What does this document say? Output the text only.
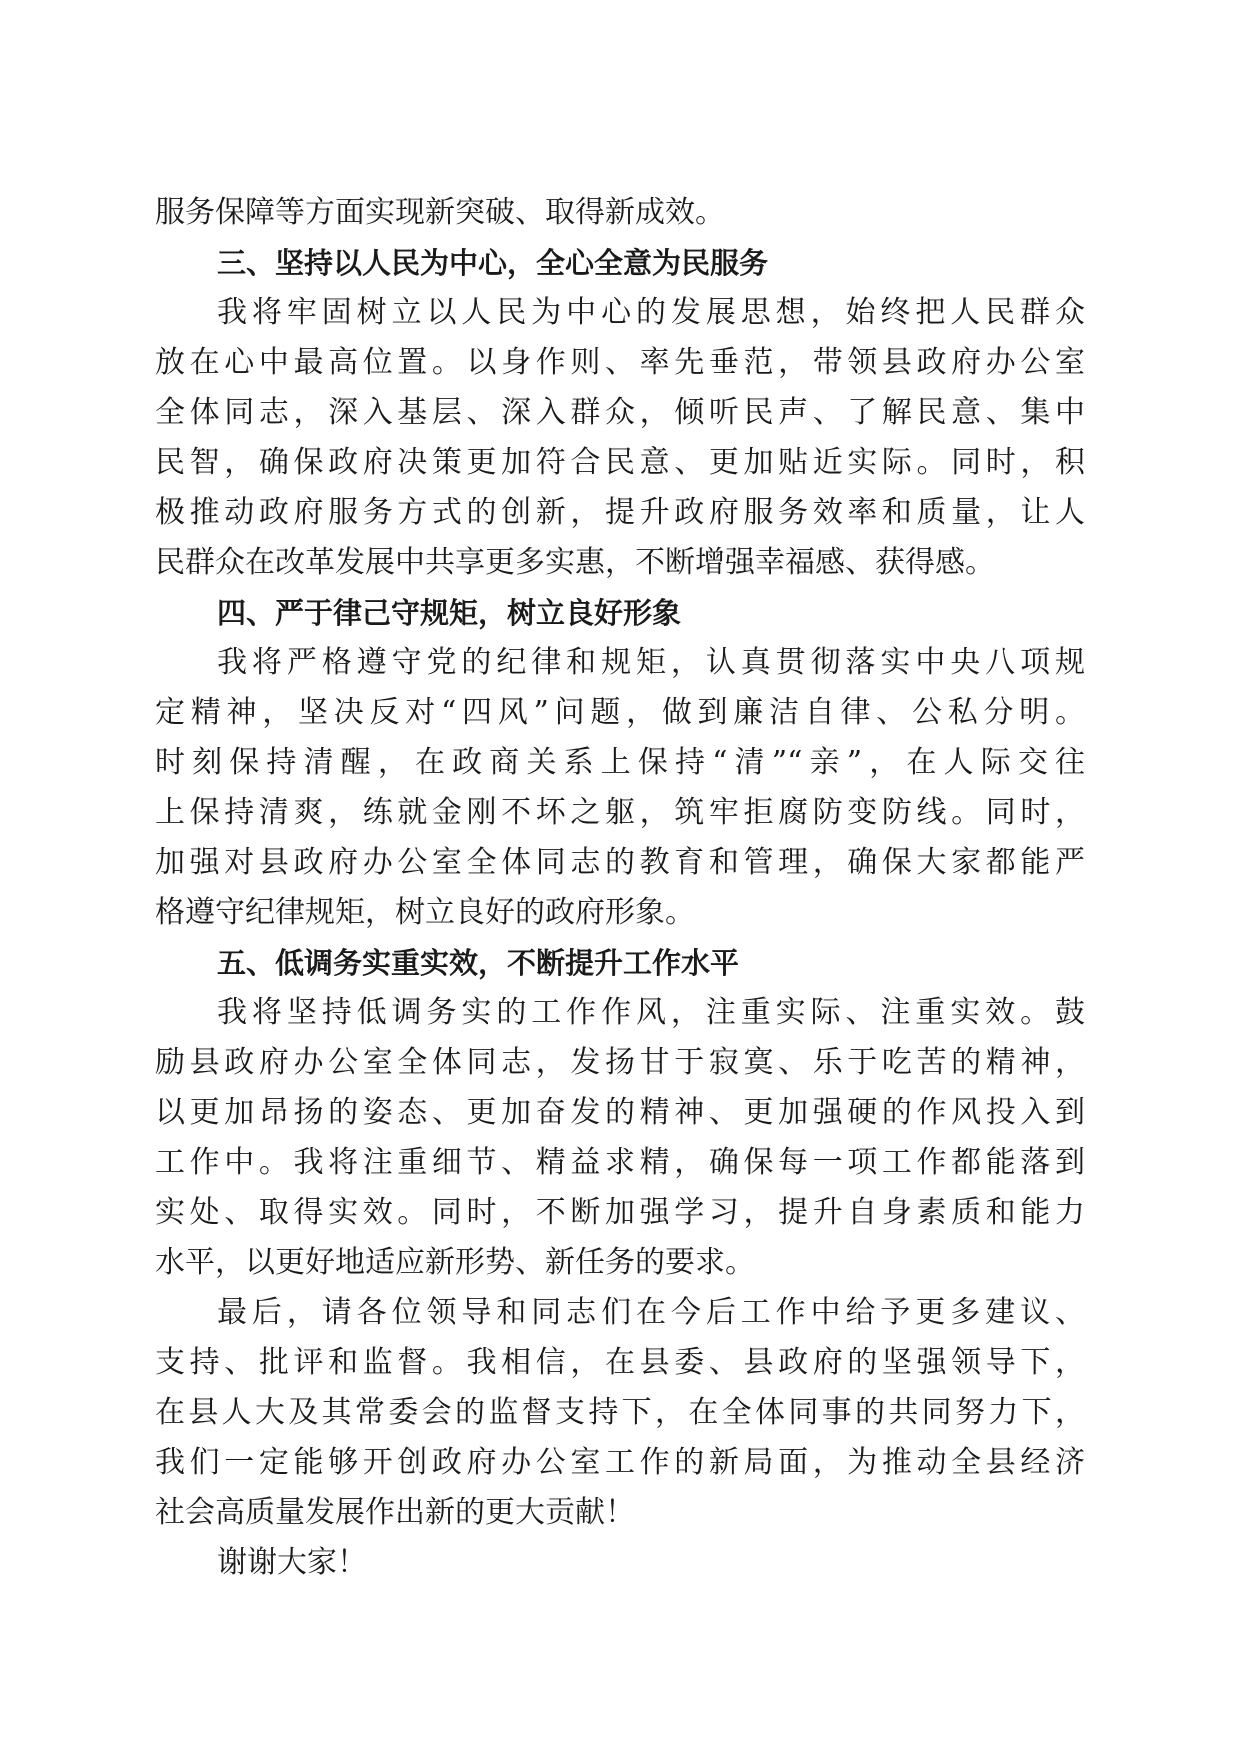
服务保障等方面实现新突破、取得新成效。
三、坚持以人民为中心，全心全意为民服务
我将牢固树立以人民为中心的发展思想，始终把人民群众
放在心中最高位置。以身作则、率先垂范，带领县政府办公室
全体同志，深入基层、深入群众，倾听民声、了解民意、集中
民智，确保政府决策更加符合民意、更加贴近实际。同时，积
极推动政府服务方式的创新，提升政府服务效率和质量，让人
民群众在改革发展中共享更多实惠，不断增强幸福感、获得感。
四、严于律己守规矩，树立良好形象
我将严格遵守党的纪律和规矩，认真贯彻落实中央八项规
定精神，坚决反对“四风”问题，做到廉洁自律、公私分明。
时刻保持清醒，在政商关系上保持“清”“亲”，在人际交往
上保持清爽，练就金刚不坏之躯，筑牢拒腐防变防线。同时，
加强对县政府办公室全体同志的教育和管理，确保大家都能严
格遵守纪律规矩，树立良好的政府形象。
五、低调务实重实效，不断提升工作水平
我将坚持低调务实的工作作风，注重实际、注重实效。鼓
励县政府办公室全体同志，发扬甘于寂寞、乐于吃苦的精神，
以更加昂扬的姿态、更加奋发的精神、更加强硬的作风投入到
工作中。我将注重细节、精益求精，确保每一项工作都能落到
实处、取得实效。同时，不断加强学习，提升自身素质和能力
水平，以更好地适应新形势、新任务的要求。
最后，请各位领导和同志们在今后工作中给予更多建议、
支持、批评和监督。我相信，在县委、县政府的坚强领导下，
在县人大及其常委会的监督支持下，在全体同事的共同努力下，
我们一定能够开创政府办公室工作的新局面，为推动全县经济
社会高质量发展作出新的更大贡献！
谢谢大家！
